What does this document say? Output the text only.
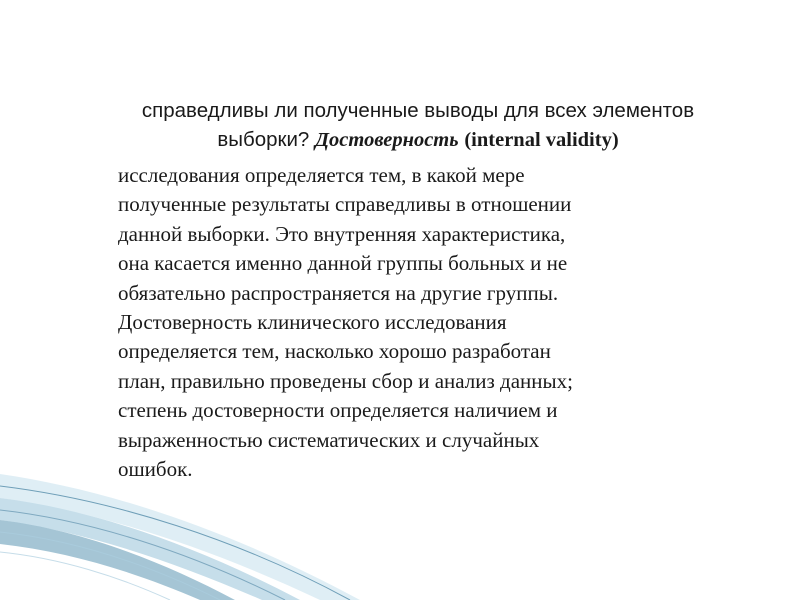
справедливы ли полученные выводы для всех элементов выборки? Достоверность (internal validity)
исследования определяется тем, в какой мере
полученные результаты справедливы в отношении
данной выборки. Это внутренняя характеристика,
она касается именно данной группы больных и не
обязательно распространяется на другие группы.
Достоверность клинического исследования
определяется тем, насколько хорошо разработан
план, правильно проведены сбор и анализ данных;
степень достоверности определяется наличием и
выраженностью систематических и случайных
ошибок.
